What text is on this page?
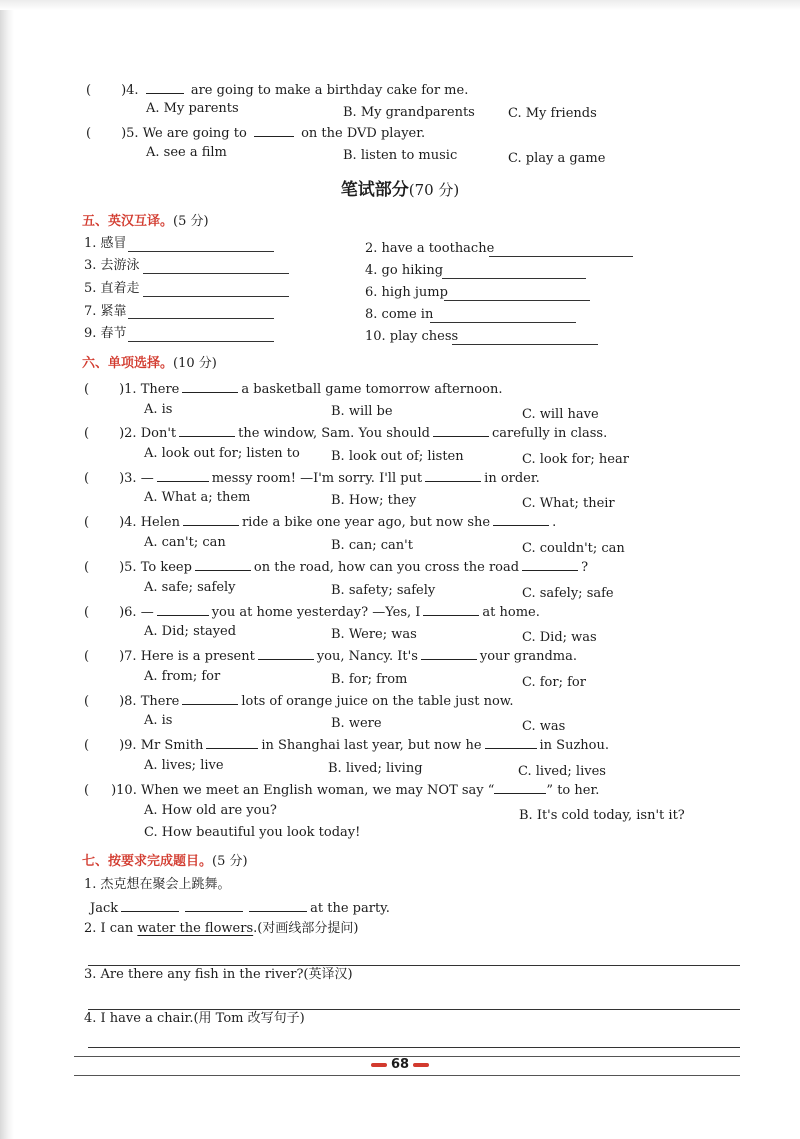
( )4.	are going to make a birthday cake for me.
A. My parents	B. My grandparents	C. My friends
( )5. We are going to	on the DVD player.
A. see a film	B. listen to music	C. play a game
笔试部分(70 分)
五、英汉互译。(5 分)
1. 感冒	2. have a toothache
3. 去游泳	4. go hiking
5. 直着走	6. high jump
7. 紧靠	8. come in
9. 春节	10. play chess
六、单项选择。(10 分)
( )1. There	a basketball game tomorrow afternoon.
A. is	B. will be	C. will have
( )2. Don't	the window, Sam. You should	carefully in class.
A. look out for; listen to B. look out of; listen	C. look for; hear
( )3. —	messy room! —I'm sorry. I'll put	in order.
A. What a; them	B. How; they	C. What; their
( )4. Helen	ride a bike one year ago, but now she	.
A. can't; can	B. can; can't	C. couldn't; can
( )5. To keep	on the road, how can you cross the road	?
A. safe; safely	B. safety; safely	C. safely; safe
( )6. —	you at home yesterday? —Yes, I	at home.
A. Did; stayed	B. Were; was	C. Did; was
( )7. Here is a present	you, Nancy. It's	your grandma.
A. from; for	B. for; from	C. for; for
( )8. There	lots of orange juice on the table just now.
A. is	B. were	C. was
( )9. Mr Smith	in Shanghai last year, but now he	in Suzhou.
A. lives; live	B. lived; living	C. lived; lives
( )10. When we meet an English woman, we may NOT say “	” to her.
A. How old are you?	B. It's cold today, isn't it?
C. How beautiful you look today!
七、按要求完成题目。(5 分)
1. 杰克想在聚会上跳舞。
Jack	at the party.
2. I can water the flowers.(对画线部分提问)
3. Are there any fish in the river?(英译汉)
4. I have a chair.(用 Tom 改写句子)
68
